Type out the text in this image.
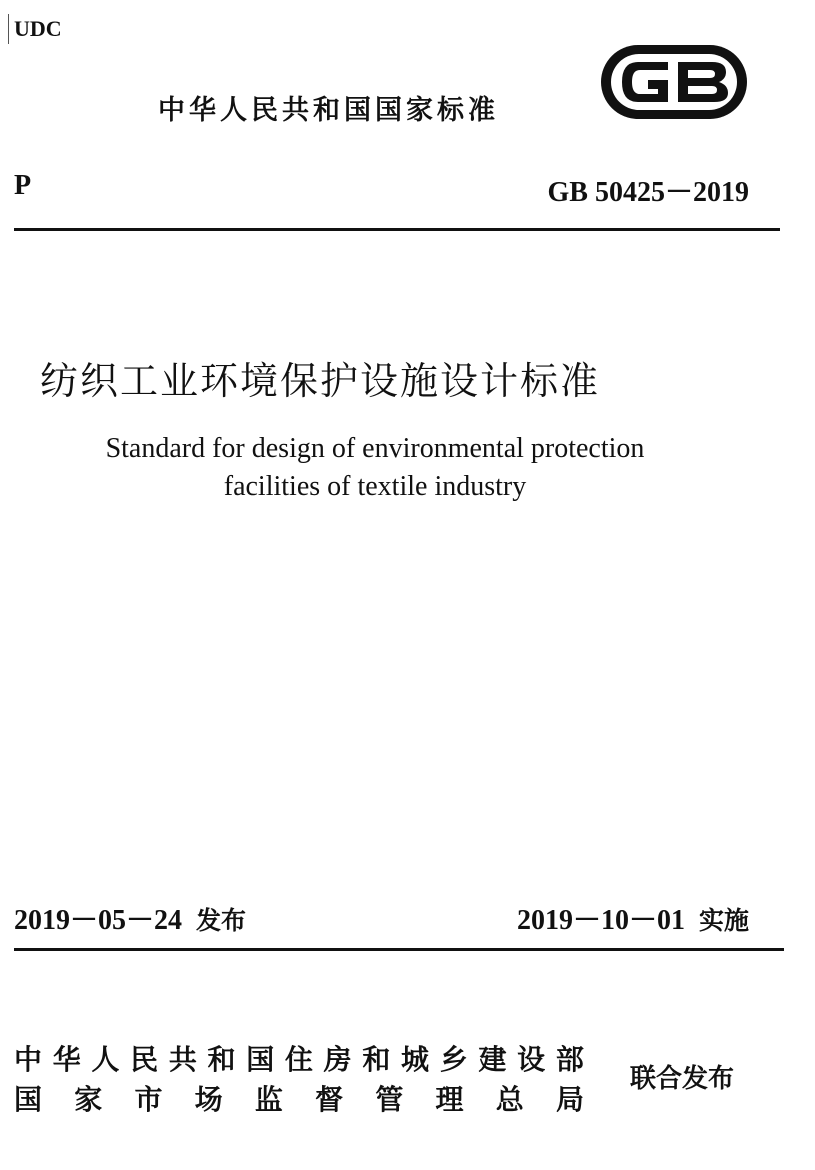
UDC
中华人民共和国国家标准
P	GB 50425－2019
纺织工业环境保护设施设计标准
Standard for design of environmental protection
facilities of textile industry
2019－05－24 发布	2019－10－01 实施
中 华 人 民 共 和 国 住 房 和 城 乡 建 设 部
国 家 市 场 监 督 管 理 总 局
联合发布
